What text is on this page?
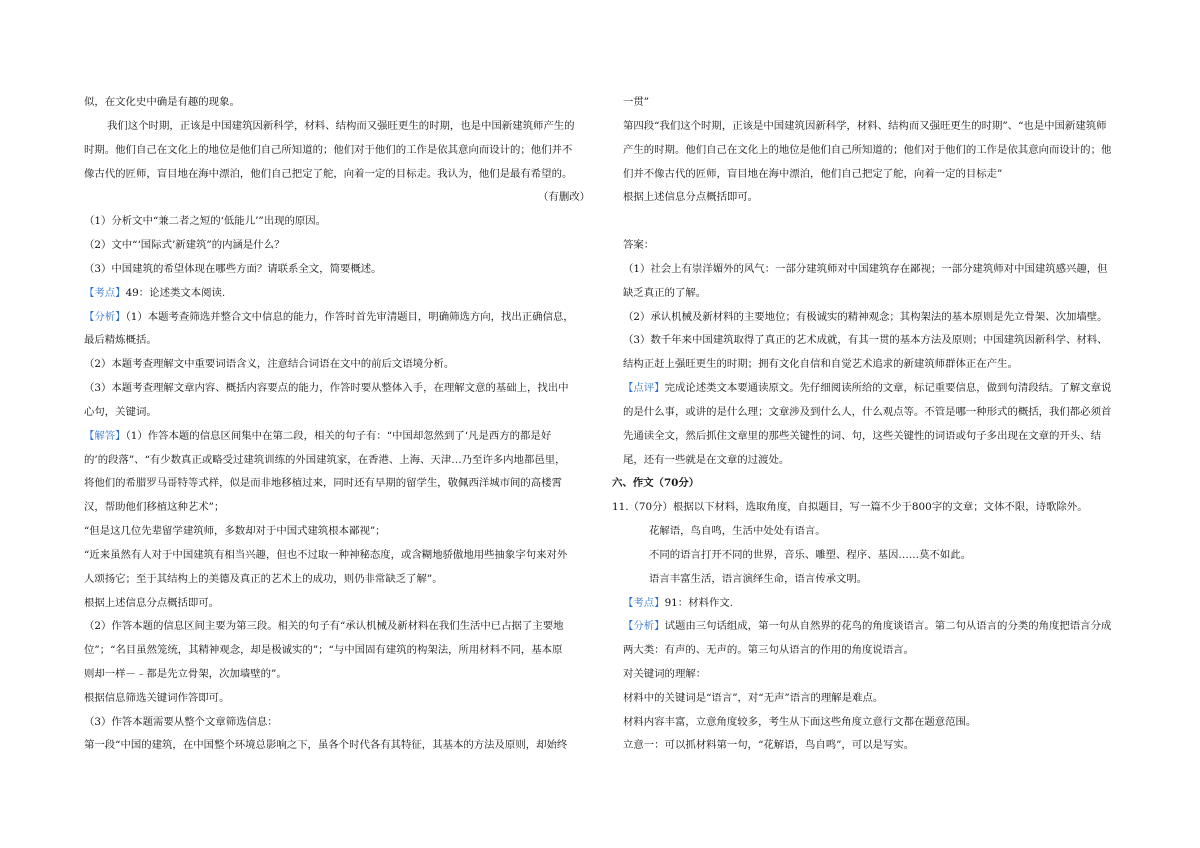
似，在文化史中确是有趣的现象。
我们这个时期，正该是中国建筑因新科学，材料、结构而又强旺更生的时期，也是中国新建筑师产生的
时期。他们自己在文化上的地位是他们自己所知道的；他们对于他们的工作是依其意向而设计的；他们并不
像古代的匠师，盲目地在海中漂泊，他们自己把定了舵，向着一定的目标走。我认为，他们是最有希望的。
（有删改）
（1）分析文中“兼二者之短的‘低能儿’”出现的原因。
（2）文中“‘国际式’新建筑”的内涵是什么？
（3）中国建筑的希望体现在哪些方面？请联系全文，简要概述。
【考点】49：论述类文本阅读.
【分析】（1）本题考查筛选并整合文中信息的能力，作答时首先审清题目，明确筛选方向，找出正确信息，
最后精炼概括。
（2）本题考查理解文中重要词语含义，注意结合词语在文中的前后文语境分析。
（3）本题考查理解文章内容、概括内容要点的能力，作答时要从整体入手，在理解文意的基础上，找出中
心句，关键词。
【解答】（1）作答本题的信息区间集中在第二段，相关的句子有：“中国却忽然到了‘凡是西方的都是好
的’的段落”、“有少数真正或略受过建筑训练的外国建筑家，在香港、上海、天津…乃至许多内地都邑里，
将他们的希腊罗马哥特等式样，似是而非地移植过来，同时还有早期的留学生，敬佩西洋城市间的高楼霄
汉，帮助他们移植这种艺术”；
“但是这几位先辈留学建筑师，多数却对于中国式建筑根本鄙视”；
“近来虽然有人对于中国建筑有相当兴趣，但也不过取一种神秘态度，或含糊地骄傲地用些抽象字句来对外
人颂扬它；至于其结构上的美德及真正的艺术上的成功，则仍非常缺乏了解”。
根据上述信息分点概括即可。
（2）作答本题的信息区间主要为第三段。相关的句子有“承认机械及新材料在我们生活中已占据了主要地
位”；“名目虽然笼统，其精神观念，却是极诚实的”；“与中国固有建筑的构架法，所用材料不同，基本原
则却一样－﹣都是先立骨架，次加墙壁的”。
根据信息筛选关键词作答即可。
（3）作答本题需要从整个文章筛选信息：
第一段“中国的建筑，在中国整个环境总影响之下，虽各个时代各有其特征，其基本的方法及原则，却始终
一贯”
第四段“我们这个时期，正该是中国建筑因新科学，材料、结构而又强旺更生的时期”、“也是中国新建筑师
产生的时期。他们自己在文化上的地位是他们自己所知道的；他们对于他们的工作是依其意向而设计的；他
们并不像古代的匠师，盲目地在海中漂泊，他们自己把定了舵，向着一定的目标走”
根据上述信息分点概括即可。
答案：
（1）社会上有崇洋媚外的风气：一部分建筑师对中国建筑存在鄙视；一部分建筑师对中国建筑感兴趣，但
缺乏真正的了解。
（2）承认机械及新材料的主要地位；有极诚实的精神观念；其构架法的基本原则是先立骨架、次加墙壁。
（3）数千年来中国建筑取得了真正的艺术成就，有其一贯的基本方法及原则；中国建筑因新科学、材料、
结构正赶上强旺更生的时期；拥有文化自信和自觉艺术追求的新建筑师群体正在产生。
【点评】完成论述类文本要通读原文。先仔细阅读所给的文章，标记重要信息，做到句清段结。了解文章说
的是什么事，或讲的是什么理；文章涉及到什么人，什么观点等。不管是哪一种形式的概括，我们都必须首
先通读全文，然后抓住文章里的那些关键性的词、句，这些关键性的词语或句子多出现在文章的开头、结
尾，还有一些就是在文章的过渡处。
六、作文（70分）
11.（70分）根据以下材料，选取角度，自拟题目，写一篇不少于800字的文章；文体不限，诗歌除外。
花解语，鸟自鸣，生活中处处有语言。
不同的语言打开不同的世界，音乐、雕塑、程序、基因……莫不如此。
语言丰富生活，语言演绎生命，语言传承文明。
【考点】91：材料作文.
【分析】试题由三句话组成，第一句从自然界的花鸟的角度谈语言。第二句从语言的分类的角度把语言分成
两大类：有声的、无声的。第三句从语言的作用的角度说语言。
对关键词的理解：
材料中的关键词是“语言”，对“无声”语言的理解是难点。
材料内容丰富，立意角度较多，考生从下面这些角度立意行文都在题意范围。
立意一：可以抓材料第一句，“花解语，鸟自鸣”，可以是写实。
